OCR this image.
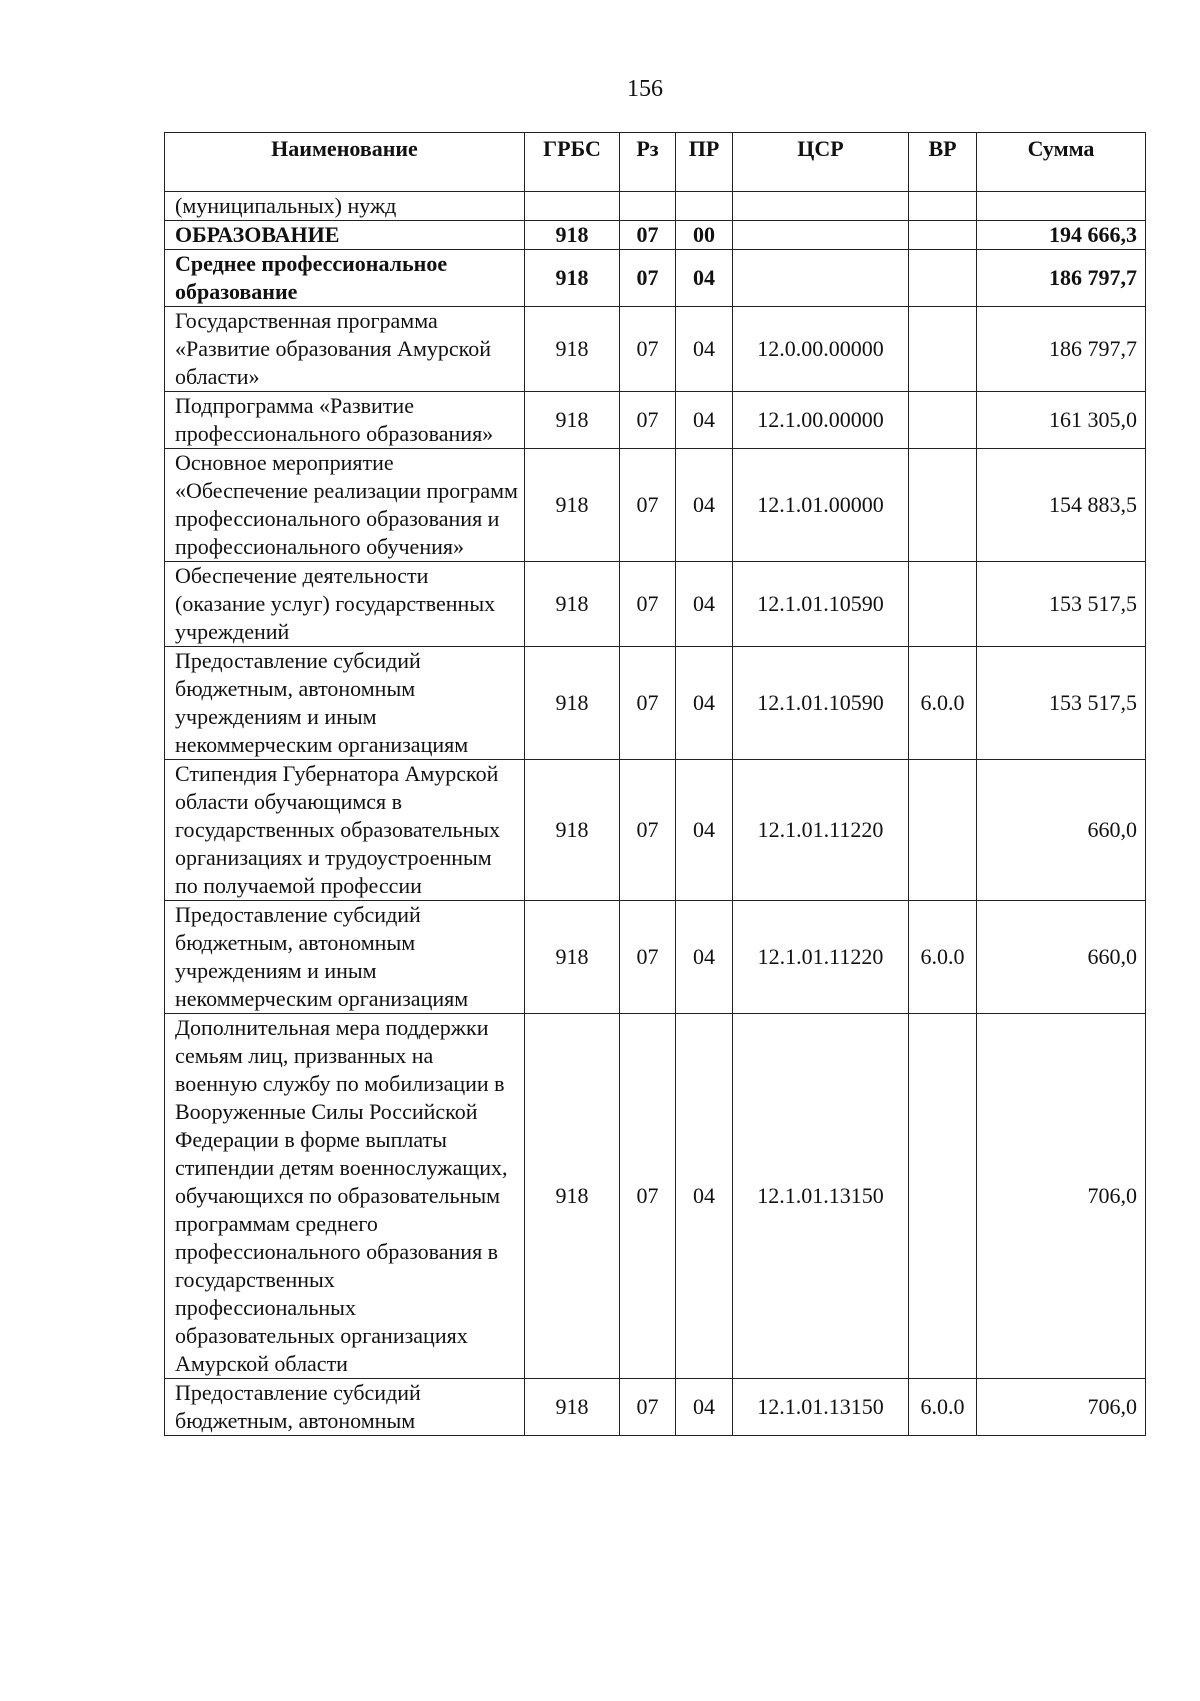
156
Наименование	ГРБС	Рз	ПР	ЦСР	ВР	Сумма
(муниципальных) нужд						
ОБРАЗОВАНИЕ	918	07	00			194 666,3
Среднее профессиональное образование	918	07	04			186 797,7
Государственная программа «Развитие образования Амурской области»	918	07	04	12.0.00.00000		186 797,7
Подпрограмма «Развитие профессионального образования»	918	07	04	12.1.00.00000		161 305,0
Основное мероприятие «Обеспечение реализации программ профессионального образования и профессионального обучения»	918	07	04	12.1.01.00000		154 883,5
Обеспечение деятельности (оказание услуг) государственных учреждений	918	07	04	12.1.01.10590		153 517,5
Предоставление субсидий бюджетным, автономным учреждениям и иным некоммерческим организациям	918	07	04	12.1.01.10590	6.0.0	153 517,5
Стипендия Губернатора Амурской области обучающимся в государственных образовательных организациях и трудоустроенным по получаемой профессии	918	07	04	12.1.01.11220		660,0
Предоставление субсидий бюджетным, автономным учреждениям и иным некоммерческим организациям	918	07	04	12.1.01.11220	6.0.0	660,0
Дополнительная мера поддержки семьям лиц, призванных на военную службу по мобилизации в Вооруженные Силы Российской Федерации в форме выплаты стипендии детям военнослужащих, обучающихся по образовательным программам среднего профессионального образования в государственных профессиональных образовательных организациях Амурской области	918	07	04	12.1.01.13150		706,0
Предоставление субсидий бюджетным, автономным	918	07	04	12.1.01.13150	6.0.0	706,0
